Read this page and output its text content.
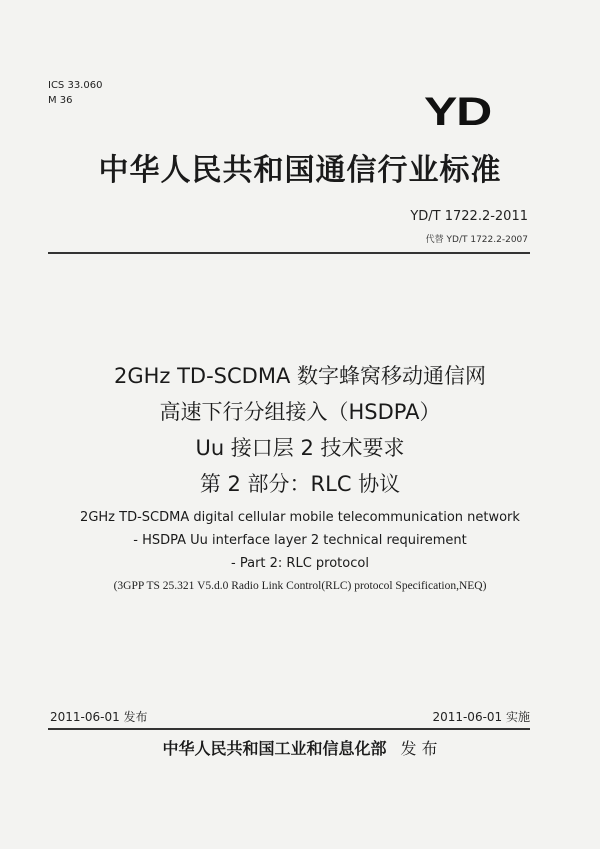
ICS 33.060
M 36	YD
中华人民共和国通信行业标准
YD/T 1722.2-2011
代替 YD/T 1722.2-2007
2GHz TD-SCDMA 数字蜂窝移动通信网
高速下行分组接入（HSDPA）
Uu 接口层 2 技术要求
第 2 部分：RLC 协议
2GHz TD-SCDMA digital cellular mobile telecommunication network
- HSDPA Uu interface layer 2 technical requirement
- Part 2: RLC protocol
(3GPP TS 25.321 V5.d.0 Radio Link Control(RLC) protocol Specification,NEQ)
2011-06-01 发布	2011-06-01 实施
中华人民共和国工业和信息化部 发 布
